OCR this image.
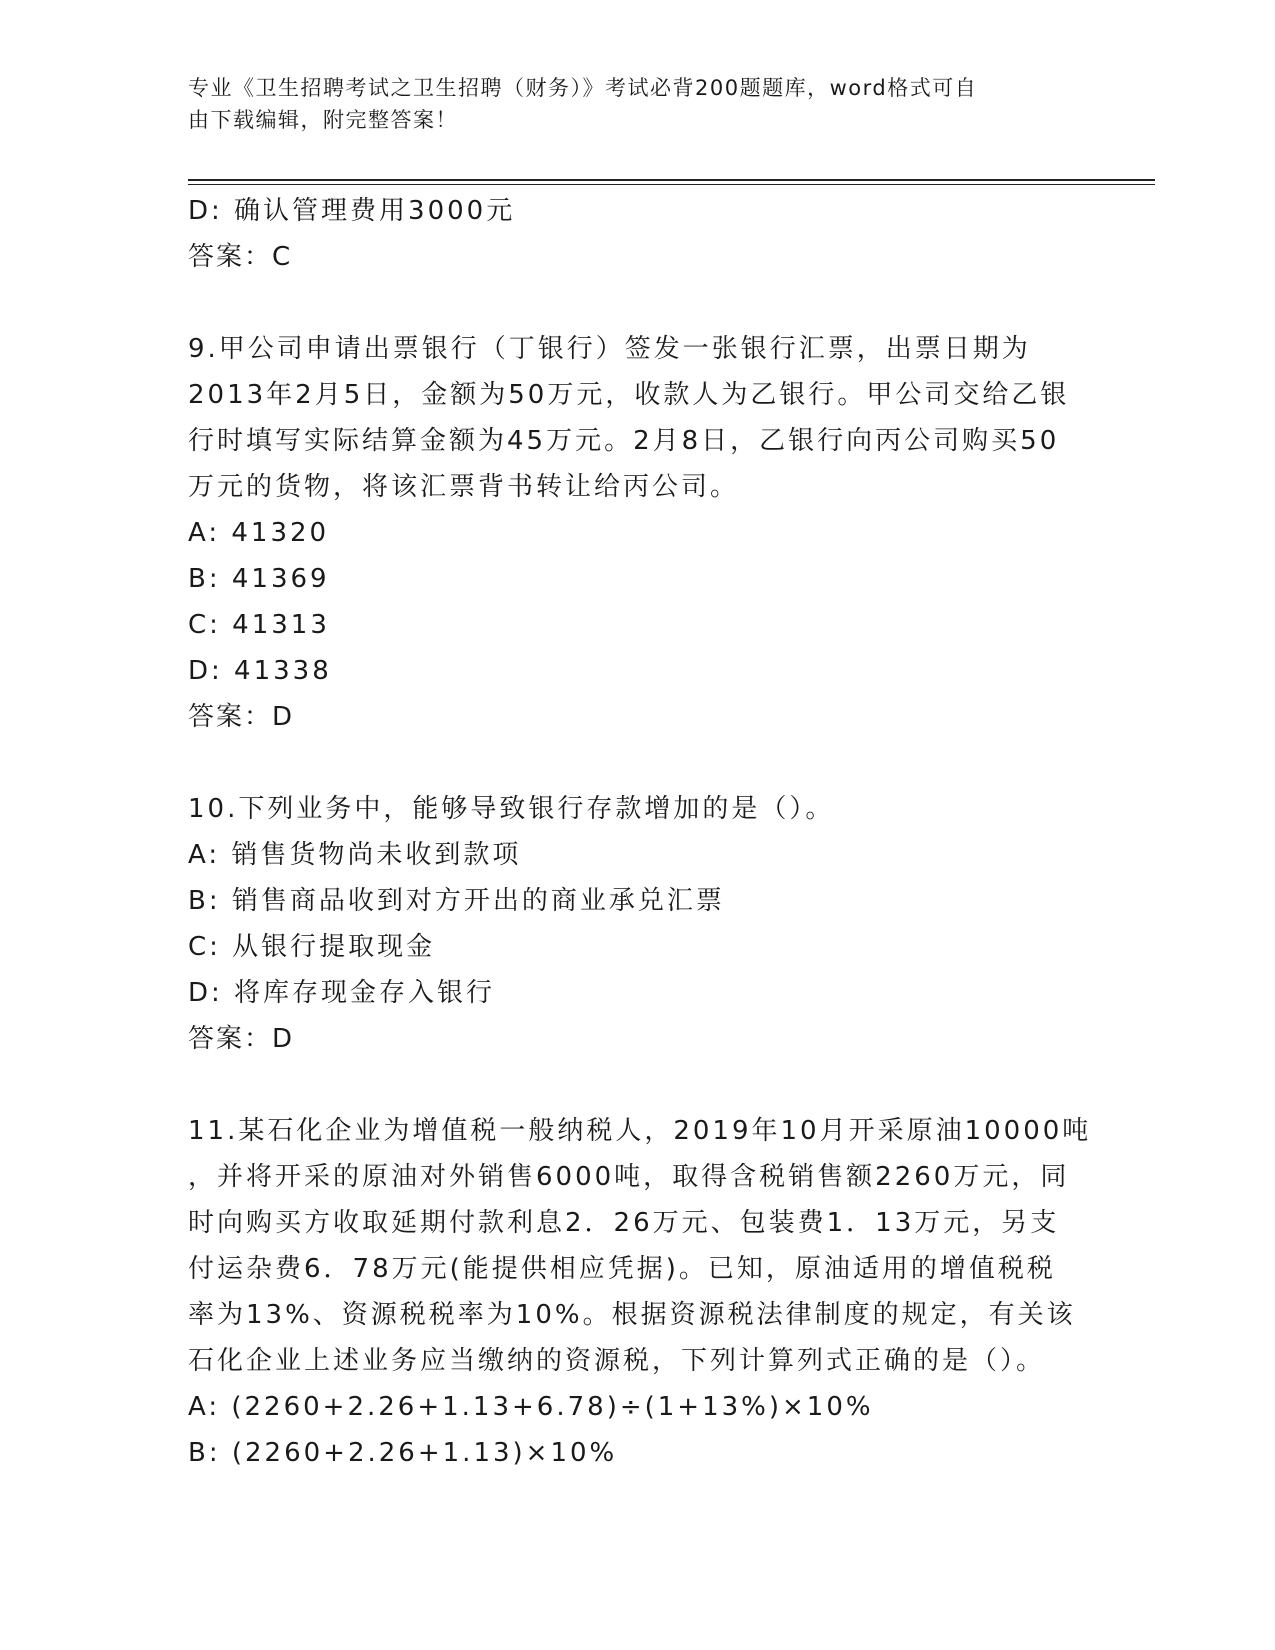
专业《卫生招聘考试之卫生招聘（财务）》考试必背200题题库，word格式可自
由下载编辑，附完整答案！
D: 确认管理费用3000元
答案：C
9.甲公司申请出票银行（丁银行）签发一张银行汇票，出票日期为
2013年2月5日，金额为50万元，收款人为乙银行。甲公司交给乙银
行时填写实际结算金额为45万元。2月8日，乙银行向丙公司购买50
万元的货物，将该汇票背书转让给丙公司。
A: 41320
B: 41369
C: 41313
D: 41338
答案：D
10.下列业务中，能够导致银行存款增加的是（）。
A: 销售货物尚未收到款项
B: 销售商品收到对方开出的商业承兑汇票
C: 从银行提取现金
D: 将库存现金存入银行
答案：D
11.某石化企业为增值税一般纳税人，2019年10月开采原油10000吨
，并将开采的原油对外销售6000吨，取得含税销售额2260万元，同
时向购买方收取延期付款利息2．26万元、包装费1．13万元，另支
付运杂费6．78万元(能提供相应凭据)。已知，原油适用的增值税税
率为13%、资源税税率为10%。根据资源税法律制度的规定，有关该
石化企业上述业务应当缴纳的资源税，下列计算列式正确的是（）。
A: (2260+2.26+1.13+6.78)÷(1+13%)×10%
B: (2260+2.26+1.13)×10%
